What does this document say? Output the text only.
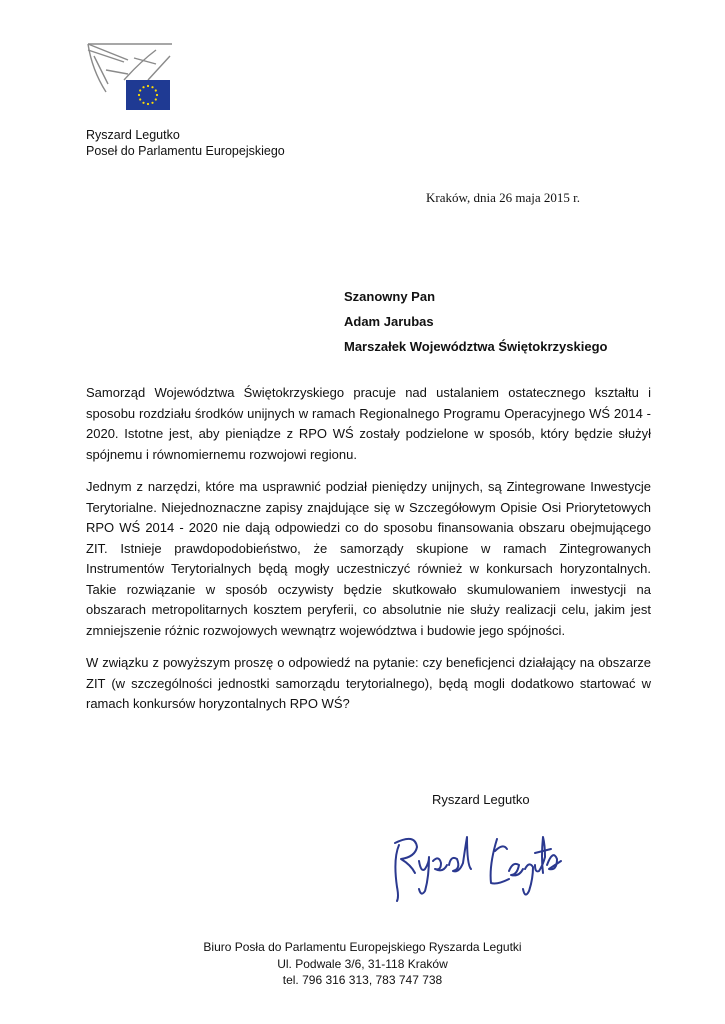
Ryszard Legutko
Poseł do Parlamentu Europejskiego
Kraków, dnia 26 maja 2015 r.
Szanowny Pan
Adam Jarubas
Marszałek Województwa Świętokrzyskiego

Samorząd Województwa Świętokrzyskiego pracuje nad ustalaniem ostatecznego kształtu i sposobu rozdziału środków unijnych w ramach Regionalnego Programu Operacyjnego WŚ 2014 - 2020. Istotne jest, aby pieniądze z RPO WŚ zostały podzielone w sposób, który będzie służył spójnemu i równomiernemu rozwojowi regionu.

Jednym z narzędzi, które ma usprawnić podział pieniędzy unijnych, są Zintegrowane Inwestycje Terytorialne. Niejednoznaczne zapisy znajdujące się w Szczegółowym Opisie Osi Priorytetowych RPO WŚ 2014 - 2020 nie dają odpowiedzi co do sposobu finansowania obszaru obejmującego ZIT. Istnieje prawdopodobieństwo, że samorządy skupione w ramach Zintegrowanych Instrumentów Terytorialnych będą mogły uczestniczyć również w konkursach horyzontalnych. Takie rozwiązanie w sposób oczywisty będzie skutkowało skumulowaniem inwestycji na obszarach metropolitarnych kosztem peryferii, co absolutnie nie służy realizacji celu, jakim jest zmniejszenie różnic rozwojowych wewnątrz województwa i budowie jego spójności.

W związku z powyższym proszę o odpowiedź na pytanie: czy beneficjenci działający na obszarze ZIT (w szczególności jednostki samorządu terytorialnego), będą mogli dodatkowo startować w ramach konkursów horyzontalnych RPO WŚ?

Ryszard Legutko
Biuro Posła do Parlamentu Europejskiego Ryszarda Legutki
Ul. Podwale 3/6, 31-118 Kraków
tel. 796 316 313, 783 747 738
